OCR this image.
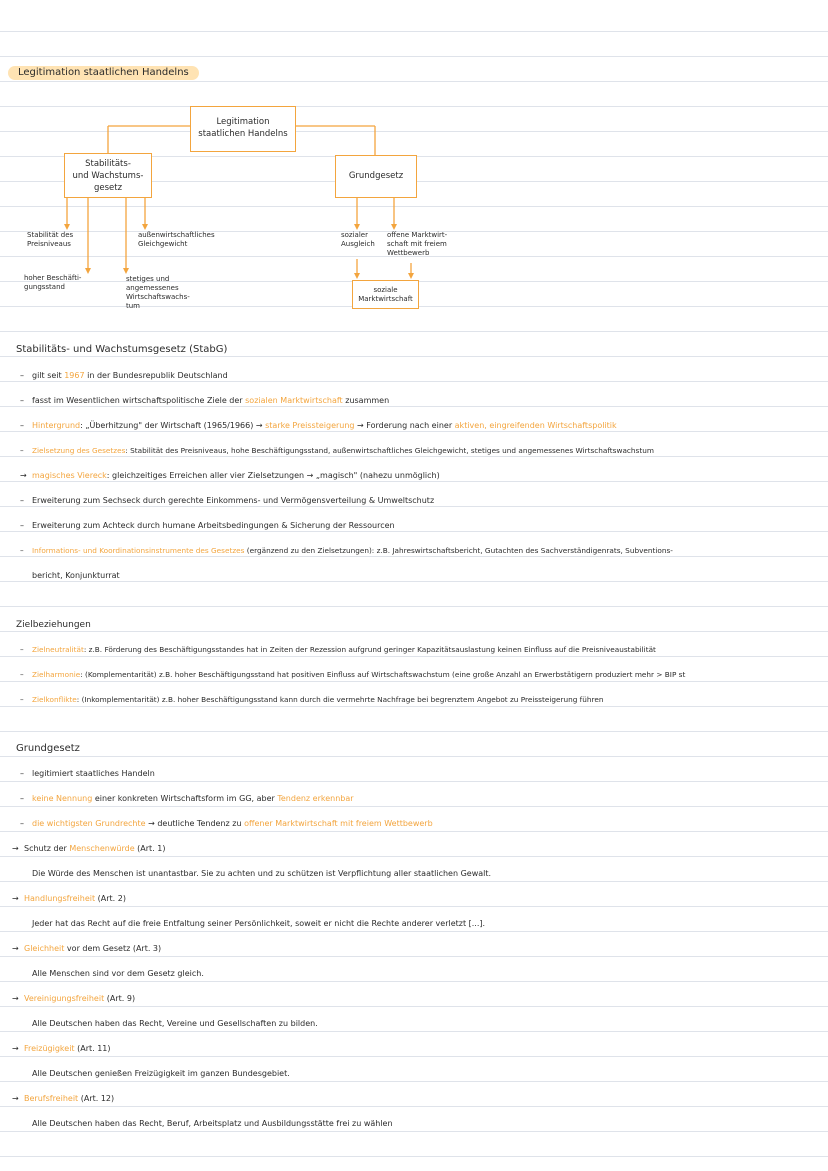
Legitimation staatlichen Handelns
Legitimation
staatlichen Handelns
Stabilitäts-
und Wachstums-
gesetz
Grundgesetz
soziale
Marktwirtschaft
Stabilität des
Preisniveaus
außenwirtschaftliches
Gleichgewicht
hoher Beschäfti-
gungsstand
stetiges und
angemessenes
Wirtschaftswachs-
tum
sozialer
Ausgleich
offene Marktwirt-
schaft mit freiem
Wettbewerb
Stabilitäts- und Wachstumsgesetz (StabG)
– gilt seit 1967 in der Bundesrepublik Deutschland
– fasst im Wesentlichen wirtschaftspolitische Ziele der sozialen Marktwirtschaft zusammen
– Hintergrund: „Überhitzung" der Wirtschaft (1965/1966) → starke Preissteigerung → Forderung nach einer aktiven, eingreifenden Wirtschaftspolitik
– Zielsetzung des Gesetzes: Stabilität des Preisniveaus, hohe Beschäftigungsstand, außenwirtschaftliches Gleichgewicht, stetiges und angemessenes Wirtschaftswachstum
→ magisches Viereck: gleichzeitiges Erreichen aller vier Zielsetzungen → „magisch" (nahezu unmöglich)
– Erweiterung zum Sechseck durch gerechte Einkommens- und Vermögensverteilung & Umweltschutz
– Erweiterung zum Achteck durch humane Arbeitsbedingungen & Sicherung der Ressourcen
– Informations- und Koordinationsinstrumente des Gesetzes (ergänzend zu den Zielsetzungen): z.B. Jahreswirtschaftsbericht, Gutachten des Sachverständigenrats, Subventions-
bericht, Konjunkturrat
Zielbeziehungen
– Zielneutralität: z.B. Förderung des Beschäftigungsstandes hat in Zeiten der Rezession aufgrund geringer Kapazitätsauslastung keinen Einfluss auf die Preisniveaustabilität
– Zielharmonie: (Komplementarität) z.B. hoher Beschäftigungsstand hat positiven Einfluss auf Wirtschaftswachstum (eine große Anzahl an Erwerbstätigern produziert mehr > BIP st
– Zielkonflikte: (Inkomplementarität) z.B. hoher Beschäftigungsstand kann durch die vermehrte Nachfrage bei begrenztem Angebot zu Preissteigerung führen
Grundgesetz
– legitimiert staatliches Handeln
– keine Nennung einer konkreten Wirtschaftsform im GG, aber Tendenz erkennbar
– die wichtigsten Grundrechte → deutliche Tendenz zu offener Marktwirtschaft mit freiem Wettbewerb
→ Schutz der Menschenwürde (Art. 1)
Die Würde des Menschen ist unantastbar. Sie zu achten und zu schützen ist Verpflichtung aller staatlichen Gewalt.
→ Handlungsfreiheit (Art. 2)
Jeder hat das Recht auf die freie Entfaltung seiner Persönlichkeit, soweit er nicht die Rechte anderer verletzt [...].
→ Gleichheit vor dem Gesetz (Art. 3)
Alle Menschen sind vor dem Gesetz gleich.
→ Vereinigungsfreiheit (Art. 9)
Alle Deutschen haben das Recht, Vereine und Gesellschaften zu bilden.
→ Freizügigkeit (Art. 11)
Alle Deutschen genießen Freizügigkeit im ganzen Bundesgebiet.
→ Berufsfreiheit (Art. 12)
Alle Deutschen haben das Recht, Beruf, Arbeitsplatz und Ausbildungsstätte frei zu wählen
